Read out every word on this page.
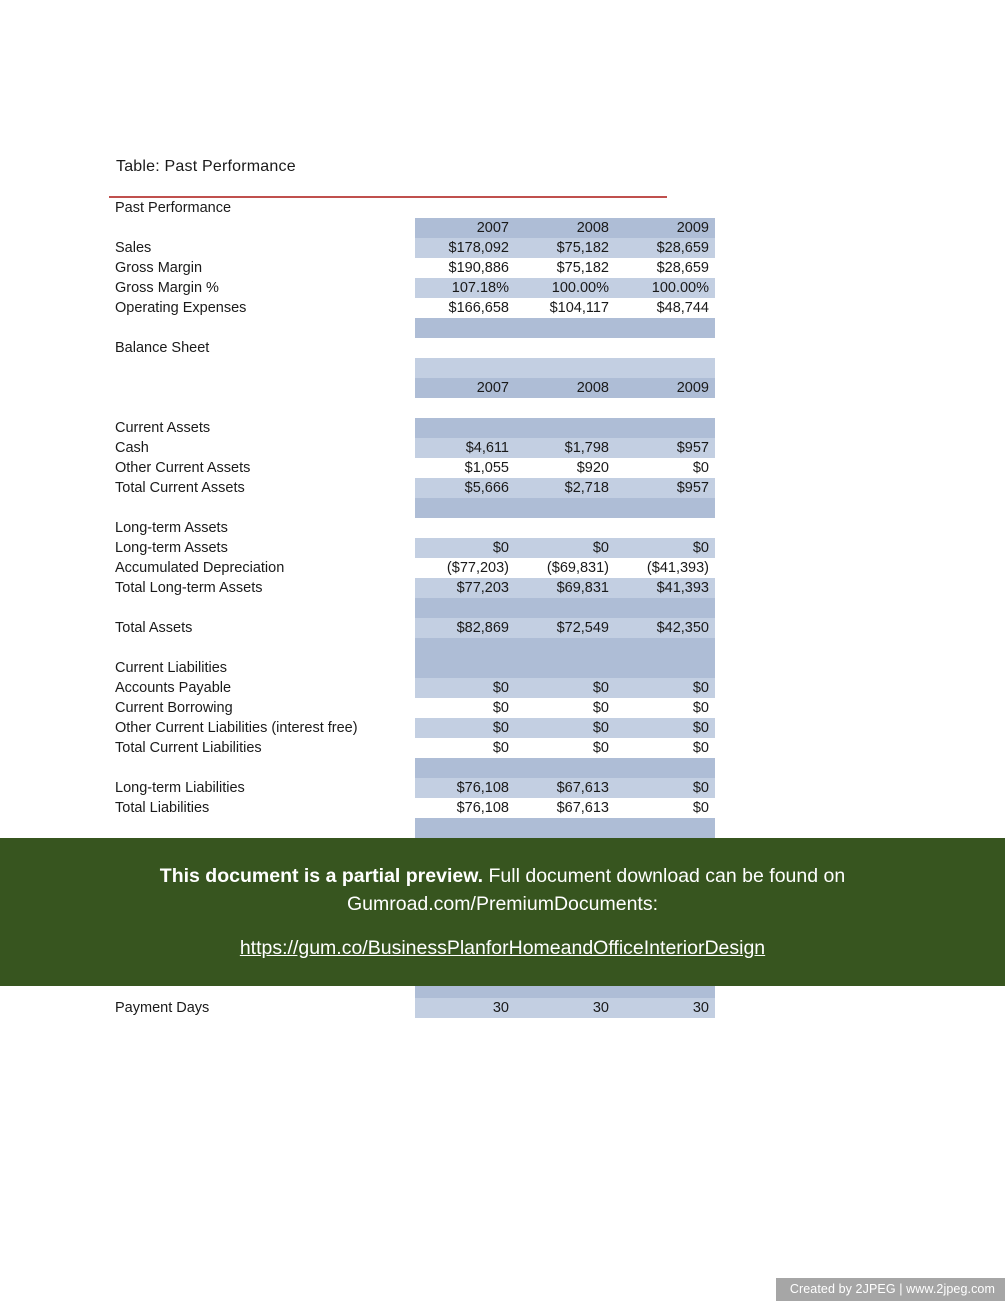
Table: Past Performance
Past Performance			
	2007	2008	2009
Sales	$178,092	$75,182	$28,659
Gross Margin	$190,886	$75,182	$28,659
Gross Margin %	107.18%	100.00%	100.00%
Operating Expenses	$166,658	$104,117	$48,744

Balance Sheet			

	2007	2008	2009

Current Assets			
Cash	$4,611	$1,798	$957
Other Current Assets	$1,055	$920	$0
Total Current Assets	$5,666	$2,718	$957

Long-term Assets			
Long-term Assets	$0	$0	$0
Accumulated Depreciation	($77,203)	($69,831)	($41,393)
Total Long-term Assets	$77,203	$69,831	$41,393

Total Assets	$82,869	$72,549	$42,350

Current Liabilities			
Accounts Payable	$0	$0	$0
Current Borrowing	$0	$0	$0
Other Current Liabilities (interest free)	$0	$0	$0
Total Current Liabilities	$0	$0	$0

Long-term Liabilities	$76,108	$67,613	$0
Total Liabilities	$76,108	$67,613	$0

Payment Days	30	30	30
This document is a partial preview. Full document download can be found on Gumroad.com/PremiumDocuments:
https://gum.co/BusinessPlanforHomeandOfficeInteriorDesign
Created by 2JPEG | www.2jpeg.com
